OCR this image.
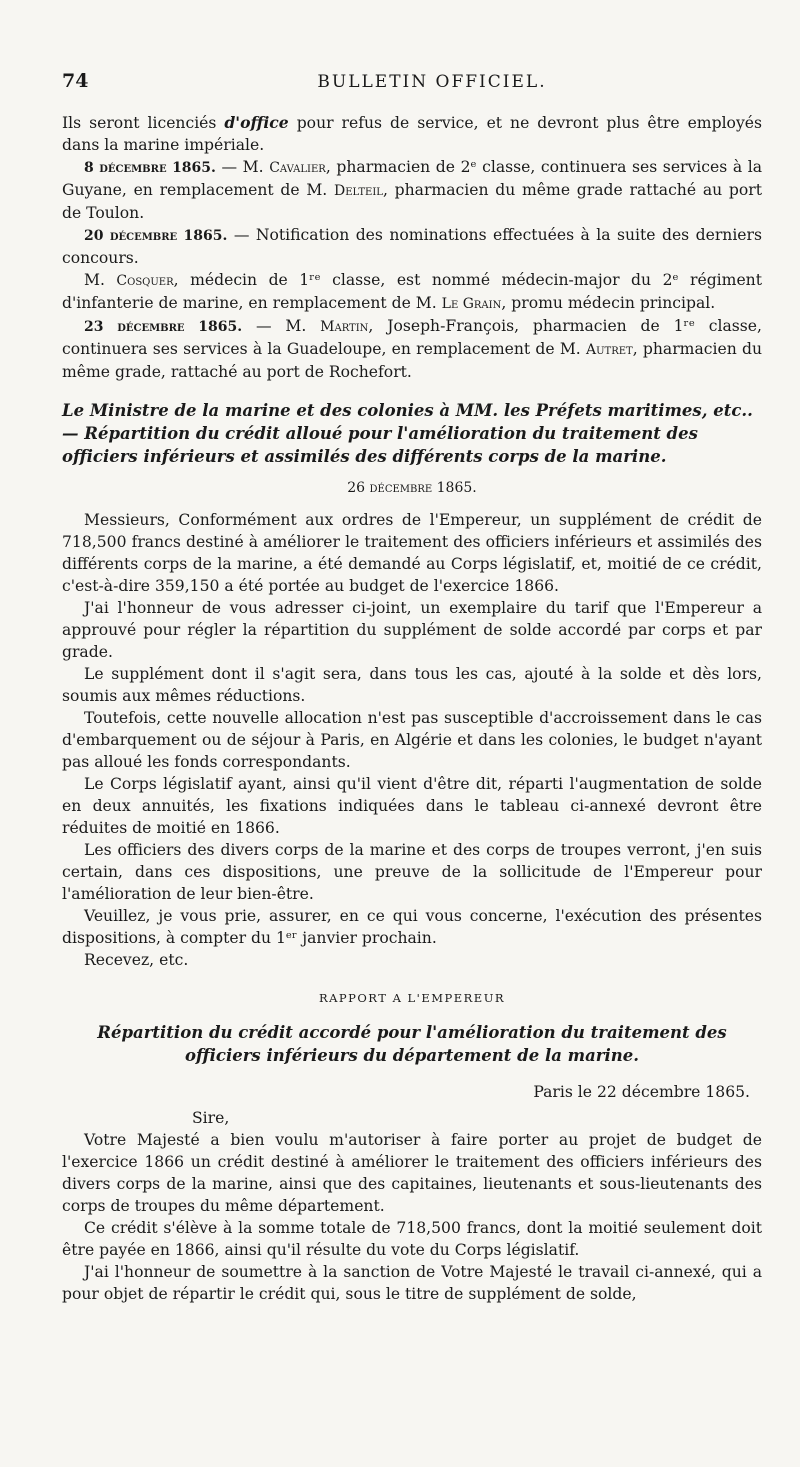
74	BULLETIN OFFICIEL.

Ils seront licenciés d'office pour refus de service, et ne devront plus être employés dans la marine impériale.

8 décembre 1865. — M. Cavalier, pharmacien de 2ᵉ classe, continuera ses services à la Guyane, en remplacement de M. Delteil, pharmacien du même grade rattaché au port de Toulon.

20 décembre 1865. — Notification des nominations effectuées à la suite des derniers concours.

M. Cosquer, médecin de 1ʳᵉ classe, est nommé médecin-major du 2ᵉ régiment d'infanterie de marine, en remplacement de M. Le Grain, promu médecin principal.

23 décembre 1865. — M. Martin, Joseph-François, pharmacien de 1ʳᵉ classe, continuera ses services à la Guadeloupe, en remplacement de M. Autret, pharmacien du même grade, rattaché au port de Rochefort.

Le Ministre de la marine et des colonies à MM. les Préfets maritimes, etc.. — Répartition du crédit alloué pour l'amélioration du traitement des officiers inférieurs et assimilés des différents corps de la marine.

26 décembre 1865.

Messieurs, Conformément aux ordres de l'Empereur, un supplément de crédit de 718,500 francs destiné à améliorer le traitement des officiers inférieurs et assimilés des différents corps de la marine, a été demandé au Corps législatif, et, moitié de ce crédit, c'est-à-dire 359,150 a été portée au budget de l'exercice 1866.

J'ai l'honneur de vous adresser ci-joint, un exemplaire du tarif que l'Empereur a approuvé pour régler la répartition du supplément de solde accordé par corps et par grade.

Le supplément dont il s'agit sera, dans tous les cas, ajouté à la solde et dès lors, soumis aux mêmes réductions.

Toutefois, cette nouvelle allocation n'est pas susceptible d'accroissement dans le cas d'embarquement ou de séjour à Paris, en Algérie et dans les colonies, le budget n'ayant pas alloué les fonds correspondants.

Le Corps législatif ayant, ainsi qu'il vient d'être dit, réparti l'augmentation de solde en deux annuités, les fixations indiquées dans le tableau ci-annexé devront être réduites de moitié en 1866.

Les officiers des divers corps de la marine et des corps de troupes verront, j'en suis certain, dans ces dispositions, une preuve de la sollicitude de l'Empereur pour l'amélioration de leur bien-être.

Veuillez, je vous prie, assurer, en ce qui vous concerne, l'exécution des présentes dispositions, à compter du 1ᵉʳ janvier prochain.

Recevez, etc.

RAPPORT A L'EMPEREUR

Répartition du crédit accordé pour l'amélioration du traitement des officiers inférieurs du département de la marine.

Paris le 22 décembre 1865.

Sire,

Votre Majesté a bien voulu m'autoriser à faire porter au projet de budget de l'exercice 1866 un crédit destiné à améliorer le traitement des officiers inférieurs des divers corps de la marine, ainsi que des capitaines, lieutenants et sous-lieutenants des corps de troupes du même département.

Ce crédit s'élève à la somme totale de 718,500 francs, dont la moitié seulement doit être payée en 1866, ainsi qu'il résulte du vote du Corps législatif.

J'ai l'honneur de soumettre à la sanction de Votre Majesté le travail ci-annexé, qui a pour objet de répartir le crédit qui, sous le titre de supplément de solde,
